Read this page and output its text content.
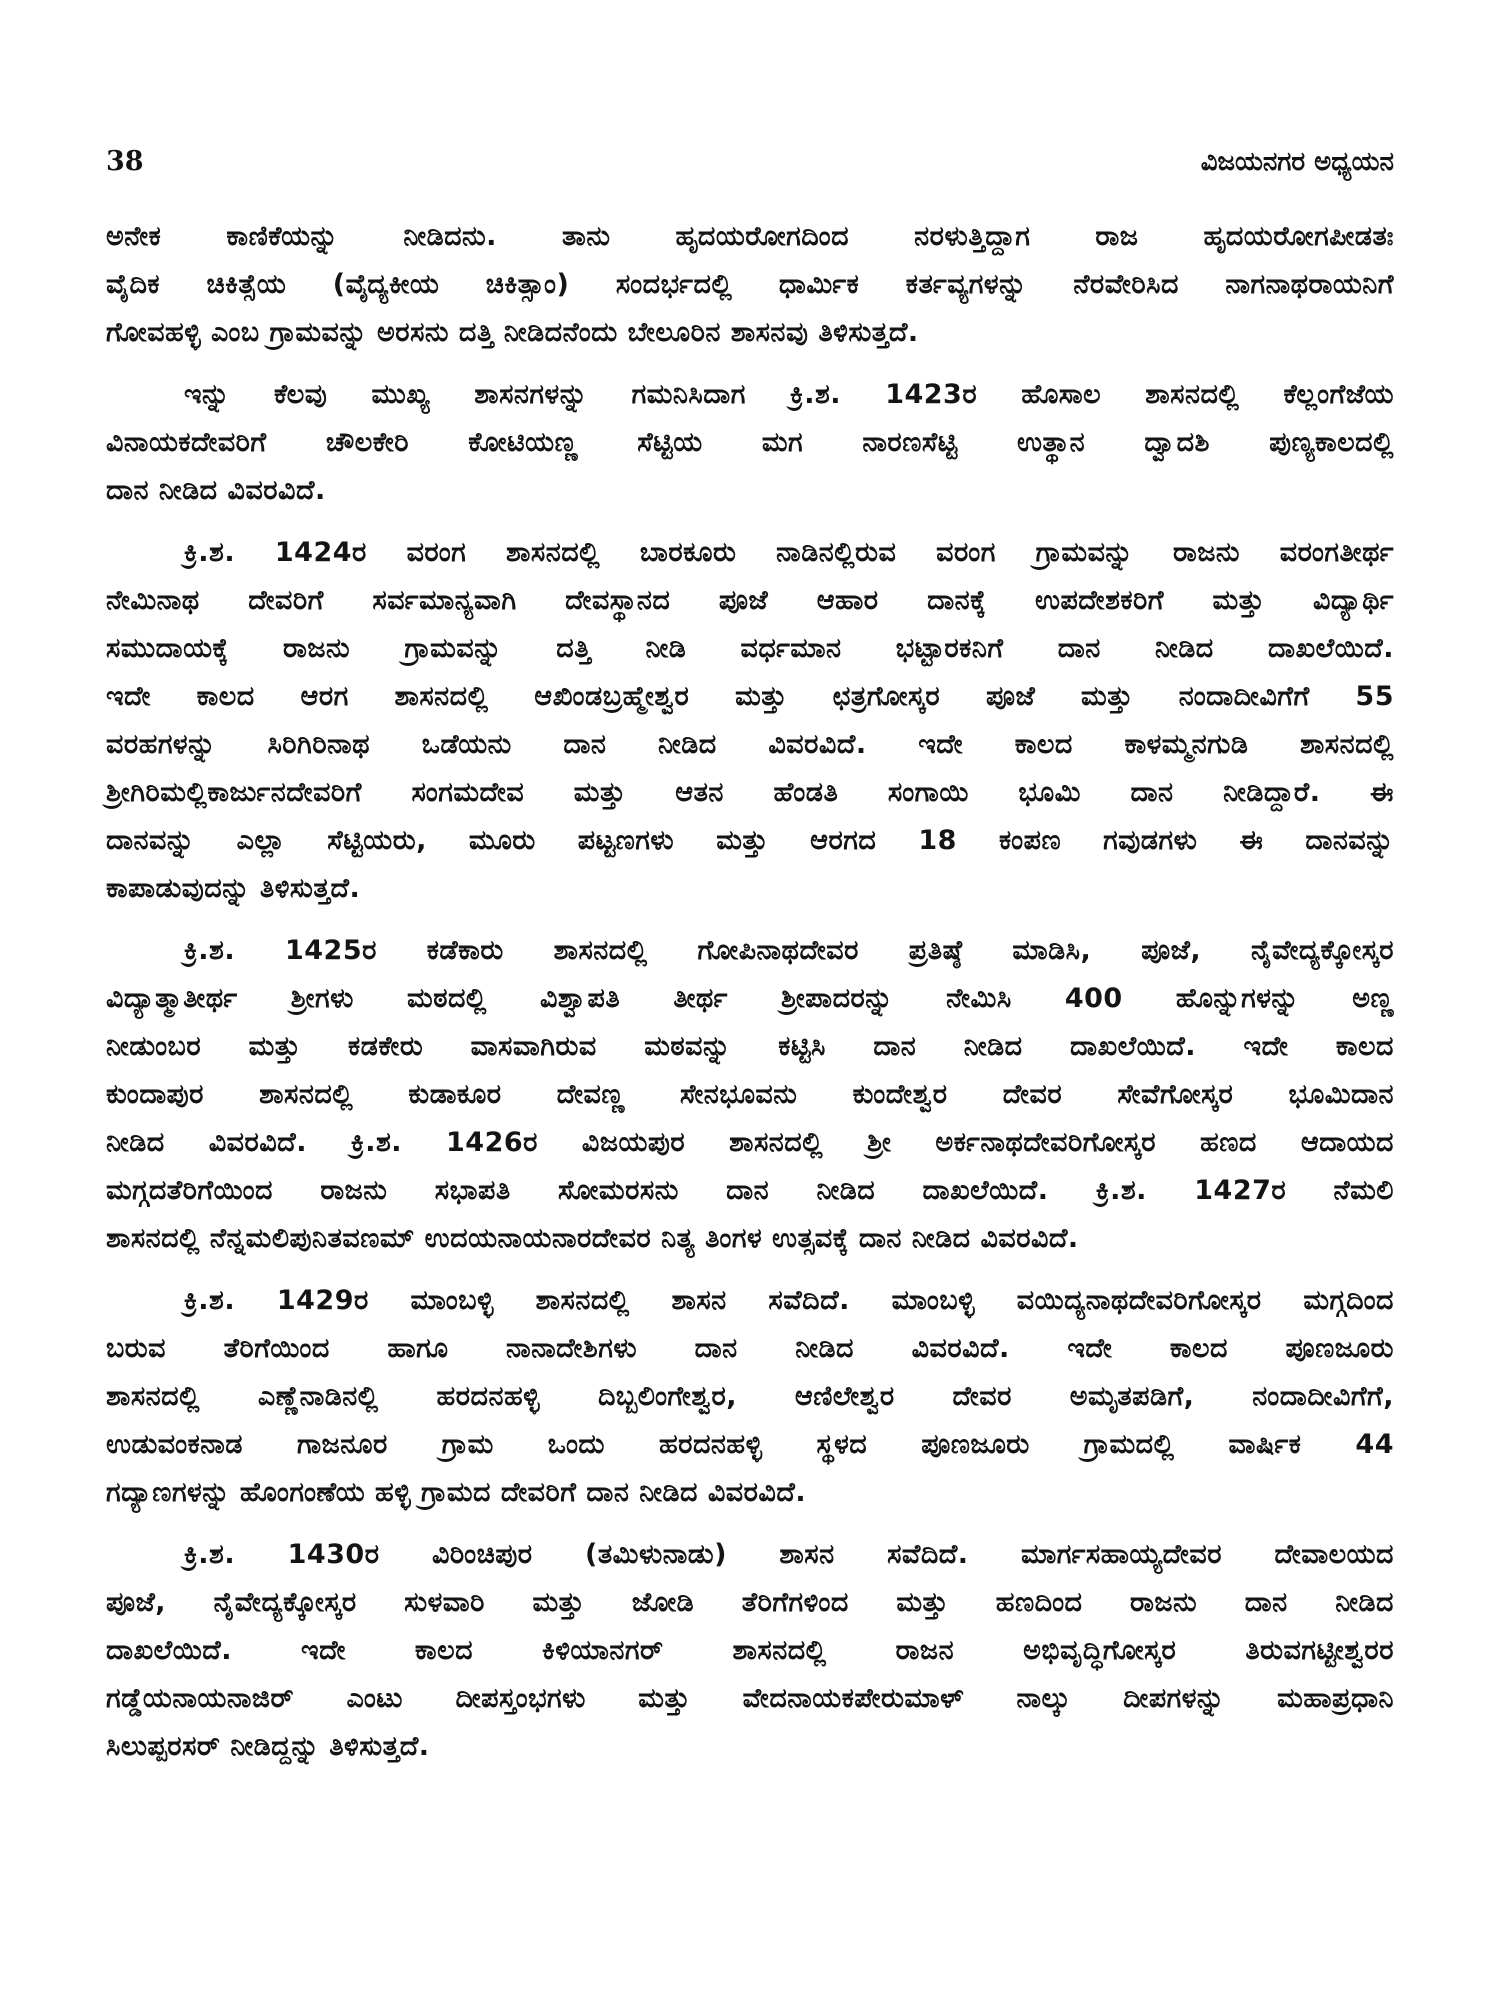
38	ವಿಜಯನಗರ ಅಧ್ಯಯನ
ಅನೇಕ ಕಾಣಿಕೆಯನ್ನು ನೀಡಿದನು. ತಾನು ಹೃದಯರೋಗದಿಂದ ನರಳುತ್ತಿದ್ದಾಗ ರಾಜ ಹೃದಯರೋಗಪೀಡತಃ
ವೈದಿಕ ಚಿಕಿತ್ಸೆಯ (ವೈದ್ಯಕೀಯ ಚಿಕಿತ್ಸಾಂ) ಸಂದರ್ಭದಲ್ಲಿ ಧಾರ್ಮಿಕ ಕರ್ತವ್ಯಗಳನ್ನು ನೆರವೇರಿಸಿದ ನಾಗನಾಥರಾಯನಿಗೆ
ಗೋವಹಳ್ಳಿ ಎಂಬ ಗ್ರಾಮವನ್ನು ಅರಸನು ದತ್ತಿ ನೀಡಿದನೆಂದು ಬೇಲೂರಿನ ಶಾಸನವು ತಿಳಿಸುತ್ತದೆ.
ಇನ್ನು ಕೆಲವು ಮುಖ್ಯ ಶಾಸನಗಳನ್ನು ಗಮನಿಸಿದಾಗ ಕ್ರಿ.ಶ. 1423ರ ಹೊಸಾಲ ಶಾಸನದಲ್ಲಿ ಕೆಲ್ಲಂಗೆಜೆಯ
ವಿನಾಯಕದೇವರಿಗೆ ಚೌಲಕೇರಿ ಕೋಟಿಯಣ್ಣ ಸೆಟ್ಟಿಯ ಮಗ ನಾರಣಸೆಟ್ಟಿ ಉತ್ಥಾನ ದ್ವಾದಶಿ ಪುಣ್ಯಕಾಲದಲ್ಲಿ
ದಾನ ನೀಡಿದ ವಿವರವಿದೆ.
ಕ್ರಿ.ಶ. 1424ರ ವರಂಗ ಶಾಸನದಲ್ಲಿ ಬಾರಕೂರು ನಾಡಿನಲ್ಲಿರುವ ವರಂಗ ಗ್ರಾಮವನ್ನು ರಾಜನು ವರಂಗತೀರ್ಥ
ನೇಮಿನಾಥ ದೇವರಿಗೆ ಸರ್ವಮಾನ್ಯವಾಗಿ ದೇವಸ್ಥಾನದ ಪೂಜೆ ಆಹಾರ ದಾನಕ್ಕೆ ಉಪದೇಶಕರಿಗೆ ಮತ್ತು ವಿದ್ಯಾರ್ಥಿ
ಸಮುದಾಯಕ್ಕೆ ರಾಜನು ಗ್ರಾಮವನ್ನು ದತ್ತಿ ನೀಡಿ ವರ್ಧಮಾನ ಭಟ್ಟಾರಕನಿಗೆ ದಾನ ನೀಡಿದ ದಾಖಲೆಯಿದೆ.
ಇದೇ ಕಾಲದ ಆರಗ ಶಾಸನದಲ್ಲಿ ಆಖಿಂಡಬ್ರಹ್ಮೇಶ್ವರ ಮತ್ತು ಛತ್ರಗೋಸ್ಕರ ಪೂಜೆ ಮತ್ತು ನಂದಾದೀವಿಗೆಗೆ 55
ವರಹಗಳನ್ನು ಸಿರಿಗಿರಿನಾಥ ಒಡೆಯನು ದಾನ ನೀಡಿದ ವಿವರವಿದೆ. ಇದೇ ಕಾಲದ ಕಾಳಮ್ಮನಗುಡಿ ಶಾಸನದಲ್ಲಿ
ಶ್ರೀಗಿರಿಮಲ್ಲಿಕಾರ್ಜುನದೇವರಿಗೆ ಸಂಗಮದೇವ ಮತ್ತು ಆತನ ಹೆಂಡತಿ ಸಂಗಾಯಿ ಭೂಮಿ ದಾನ ನೀಡಿದ್ದಾರೆ. ಈ
ದಾನವನ್ನು ಎಲ್ಲಾ ಸೆಟ್ಟಿಯರು, ಮೂರು ಪಟ್ಟಣಗಳು ಮತ್ತು ಆರಗದ 18 ಕಂಪಣ ಗವುಡಗಳು ಈ ದಾನವನ್ನು
ಕಾಪಾಡುವುದನ್ನು ತಿಳಿಸುತ್ತದೆ.
ಕ್ರಿ.ಶ. 1425ರ ಕಡೆಕಾರು ಶಾಸನದಲ್ಲಿ ಗೋಪಿನಾಥದೇವರ ಪ್ರತಿಷ್ಠೆ ಮಾಡಿಸಿ, ಪೂಜೆ, ನೈವೇದ್ಯಕ್ಕೋಸ್ಕರ
ವಿದ್ಯಾತ್ಮಾತೀರ್ಥ ಶ್ರೀಗಳು ಮಠದಲ್ಲಿ ವಿಶ್ವಾಪತಿ ತೀರ್ಥ ಶ್ರೀಪಾದರನ್ನು ನೇಮಿಸಿ 400 ಹೊನ್ನುಗಳನ್ನು ಅಣ್ಣ
ನೀಡುಂಬರ ಮತ್ತು ಕಡಕೇರು ವಾಸವಾಗಿರುವ ಮಠವನ್ನು ಕಟ್ಟಿಸಿ ದಾನ ನೀಡಿದ ದಾಖಲೆಯಿದೆ. ಇದೇ ಕಾಲದ
ಕುಂದಾಪುರ ಶಾಸನದಲ್ಲಿ ಕುಡಾಕೂರ ದೇವಣ್ಣ ಸೇನಭೂವನು ಕುಂದೇಶ್ವರ ದೇವರ ಸೇವೆಗೋಸ್ಕರ ಭೂಮಿದಾನ
ನೀಡಿದ ವಿವರವಿದೆ. ಕ್ರಿ.ಶ. 1426ರ ವಿಜಯಪುರ ಶಾಸನದಲ್ಲಿ ಶ್ರೀ ಅರ್ಕನಾಥದೇವರಿಗೋಸ್ಕರ ಹಣದ ಆದಾಯದ
ಮಗ್ಗದತೆರಿಗೆಯಿಂದ ರಾಜನು ಸಭಾಪತಿ ಸೋಮರಸನು ದಾನ ನೀಡಿದ ದಾಖಲೆಯಿದೆ. ಕ್ರಿ.ಶ. 1427ರ ನೆಮಲಿ
ಶಾಸನದಲ್ಲಿ ನೆನ್ನಮಲಿಪುನಿತವಣಮ್ ಉದಯನಾಯನಾರದೇವರ ನಿತ್ಯ ತಿಂಗಳ ಉತ್ಸವಕ್ಕೆ ದಾನ ನೀಡಿದ ವಿವರವಿದೆ.
ಕ್ರಿ.ಶ. 1429ರ ಮಾಂಬಳ್ಳಿ ಶಾಸನದಲ್ಲಿ ಶಾಸನ ಸವೆದಿದೆ. ಮಾಂಬಳ್ಳಿ ವಯಿದ್ಯನಾಥದೇವರಿಗೋಸ್ಕರ ಮಗ್ಗದಿಂದ
ಬರುವ ತೆರಿಗೆಯಿಂದ ಹಾಗೂ ನಾನಾದೇಶಿಗಳು ದಾನ ನೀಡಿದ ವಿವರವಿದೆ. ಇದೇ ಕಾಲದ ಪೂಣಜೂರು
ಶಾಸನದಲ್ಲಿ ಎಣ್ಣೆನಾಡಿನಲ್ಲಿ ಹರದನಹಳ್ಳಿ ದಿಬ್ಬಲಿಂಗೇಶ್ವರ, ಆಣಿಲೇಶ್ವರ ದೇವರ ಅಮೃತಪಡಿಗೆ, ನಂದಾದೀವಿಗೆಗೆ,
ಉಡುವಂಕನಾಡ ಗಾಜನೂರ ಗ್ರಾಮ ಒಂದು ಹರದನಹಳ್ಳಿ ಸ್ಥಳದ ಪೂಣಜೂರು ಗ್ರಾಮದಲ್ಲಿ ವಾರ್ಷಿಕ 44
ಗದ್ಯಾಣಗಳನ್ನು ಹೊಂಗಂಣೆಯ ಹಳ್ಳಿ ಗ್ರಾಮದ ದೇವರಿಗೆ ದಾನ ನೀಡಿದ ವಿವರವಿದೆ.
ಕ್ರಿ.ಶ. 1430ರ ವಿರಿಂಚಿಪುರ (ತಮಿಳುನಾಡು) ಶಾಸನ ಸವೆದಿದೆ. ಮಾರ್ಗಸಹಾಯ್ಯದೇವರ ದೇವಾಲಯದ
ಪೂಜೆ, ನೈವೇದ್ಯಕ್ಕೋಸ್ಕರ ಸುಳವಾರಿ ಮತ್ತು ಜೋಡಿ ತೆರಿಗೆಗಳಿಂದ ಮತ್ತು ಹಣದಿಂದ ರಾಜನು ದಾನ ನೀಡಿದ
ದಾಖಲೆಯಿದೆ. ಇದೇ ಕಾಲದ ಕಿಳಿಯಾನಗರ್ ಶಾಸನದಲ್ಲಿ ರಾಜನ ಅಭಿವೃದ್ಧಿಗೋಸ್ಕರ ತಿರುವಗಟ್ಟೀಶ್ವರರ
ಗಡ್ಡೆಯನಾಯನಾಜಿರ್ ಎಂಟು ದೀಪಸ್ತಂಭಗಳು ಮತ್ತು ವೇದನಾಯಕಪೇರುಮಾಳ್ ನಾಲ್ಕು ದೀಪಗಳನ್ನು ಮಹಾಪ್ರಧಾನಿ
ಸಿಲುಪ್ಪರಸರ್ ನೀಡಿದ್ದನ್ನು ತಿಳಿಸುತ್ತದೆ.
